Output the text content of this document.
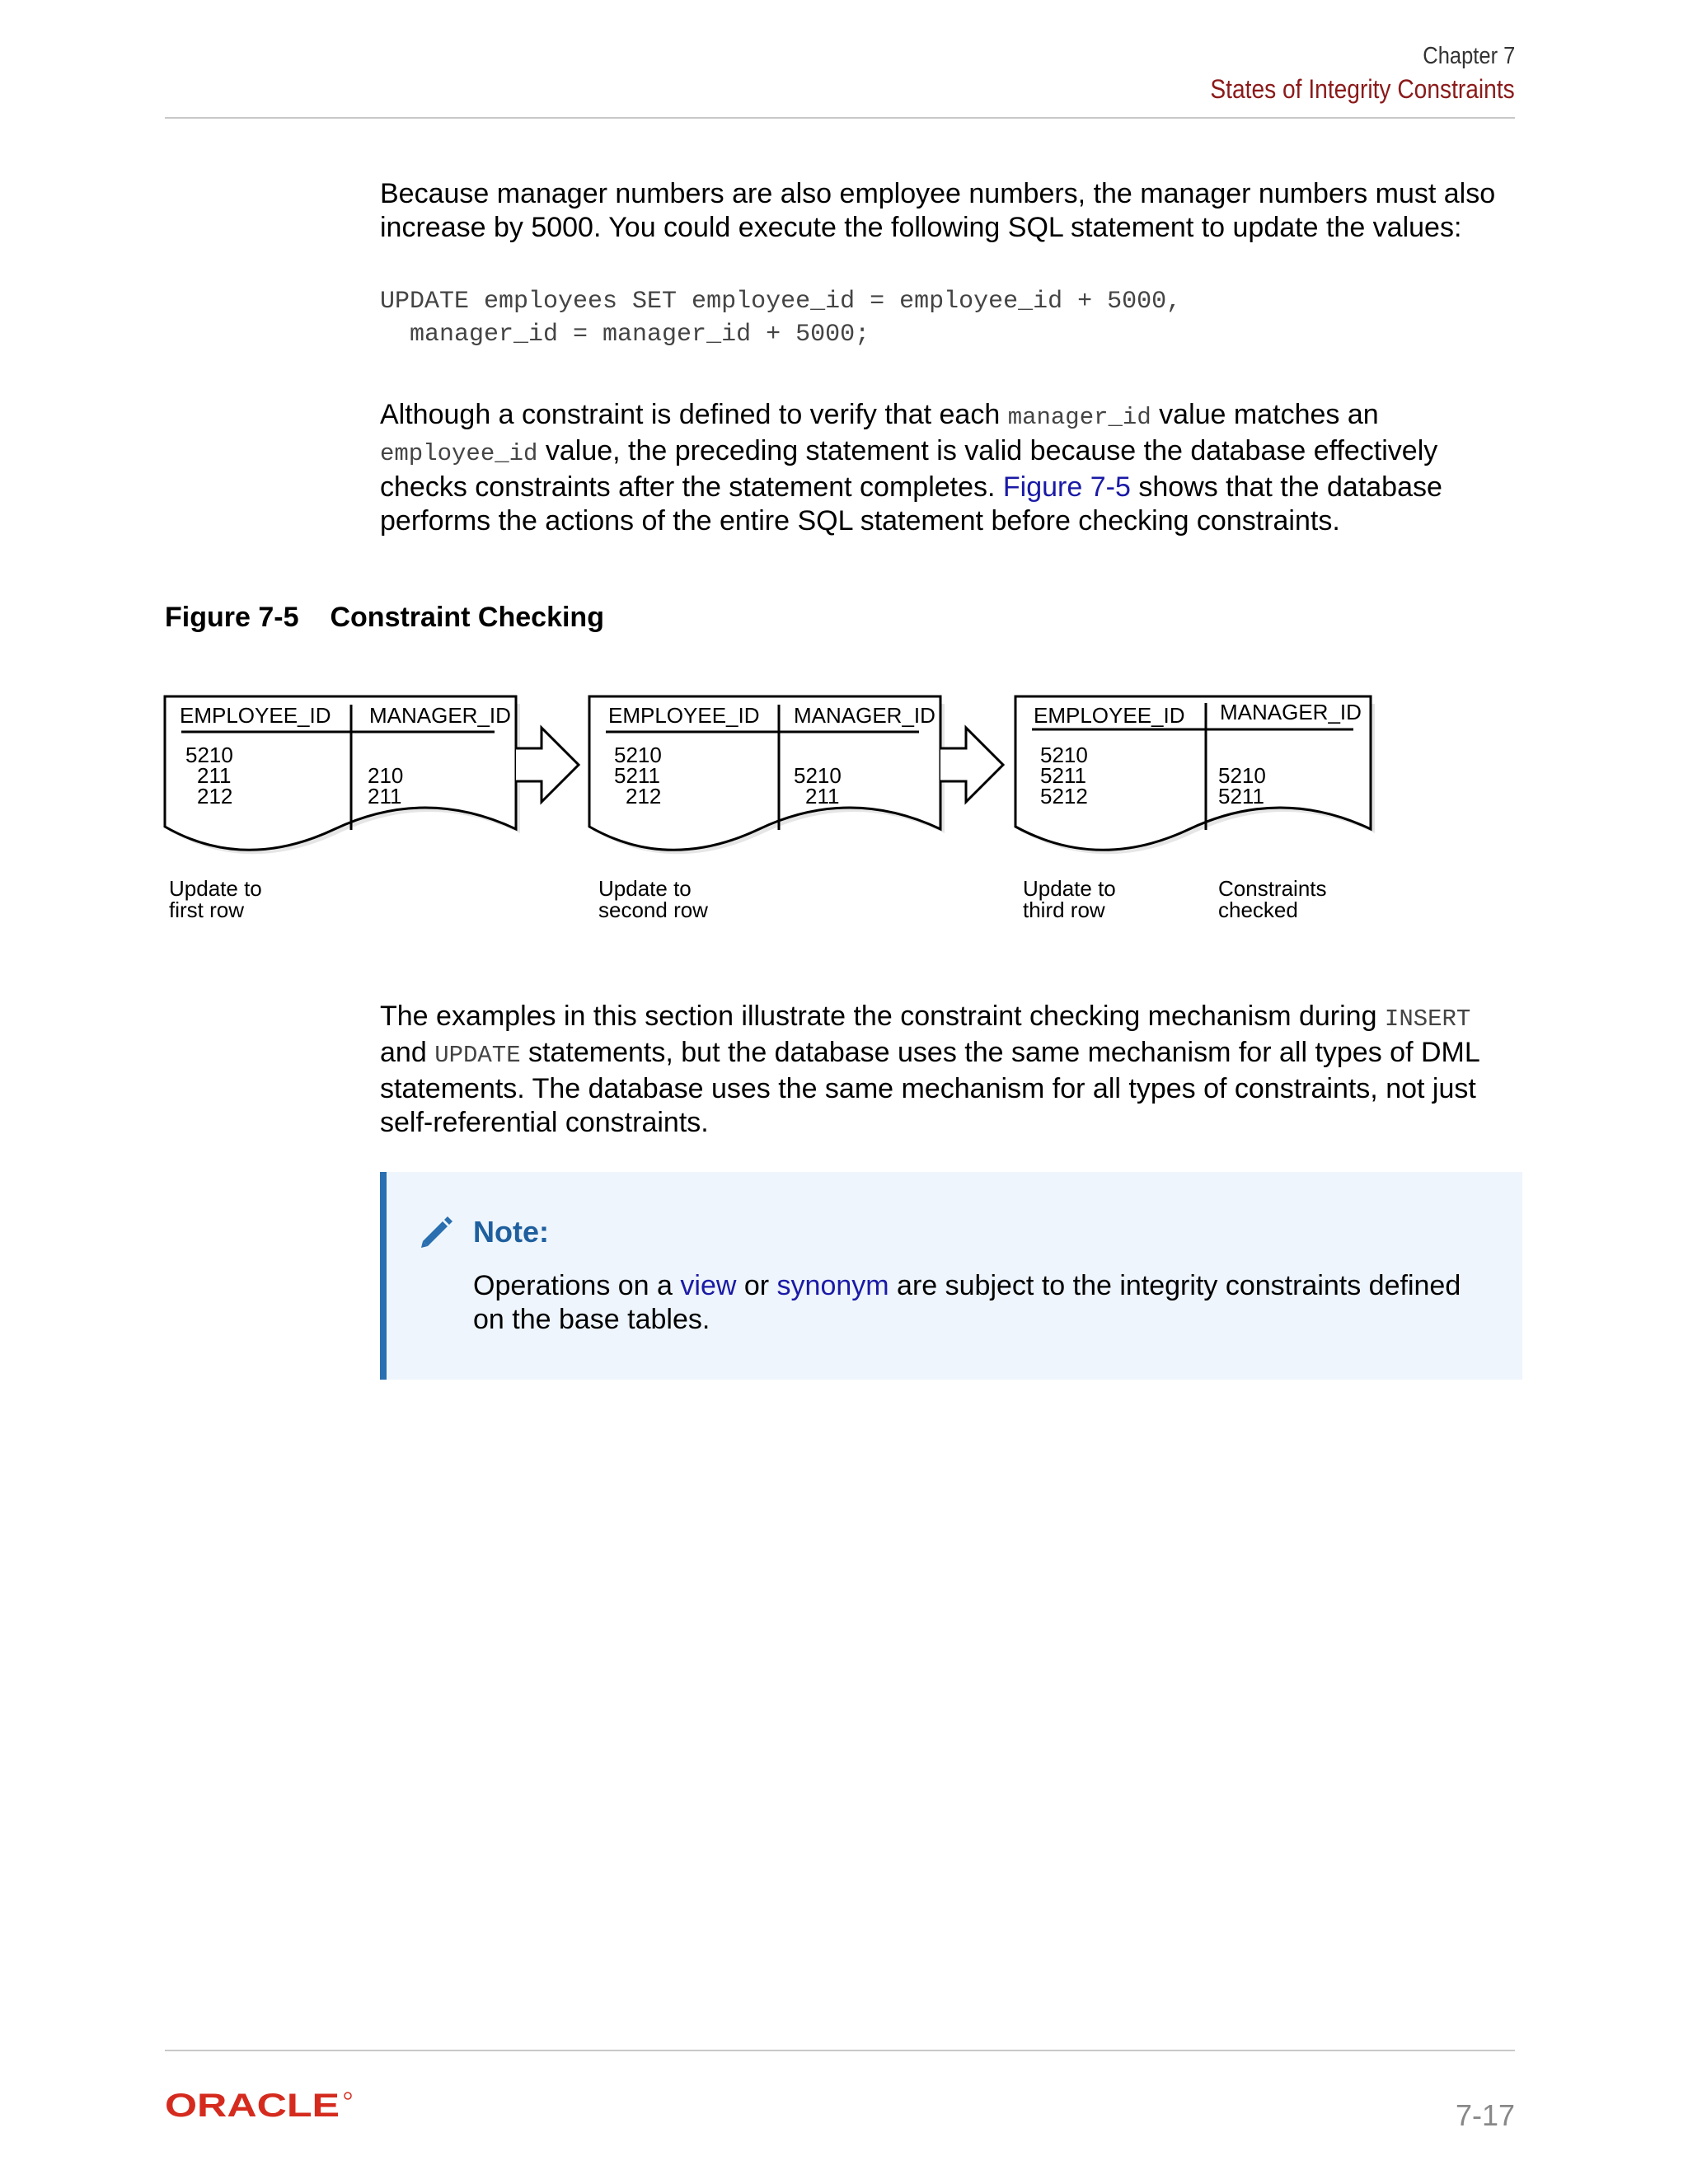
Chapter 7
States of Integrity Constraints

Because manager numbers are also employee numbers, the manager numbers must also increase by 5000. You could execute the following SQL statement to update the values:

UPDATE employees SET employee_id = employee_id + 5000,
manager_id = manager_id + 5000;

Although a constraint is defined to verify that each manager_id value matches an employee_id value, the preceding statement is valid because the database effectively checks constraints after the statement completes. Figure 7-5 shows that the database performs the actions of the entire SQL statement before checking constraints.

Figure 7-5 Constraint Checking

EMPLOYEE_ID MANAGER_ID
5210
211
212
210
211
EMPLOYEE_ID MANAGER_ID
5210
5211
212
5210
211
EMPLOYEE_ID MANAGER_ID
5210
5211
5212
5210
5211
Update to
first row
Update to
second row
Update to
third row
Constraints
checked

The examples in this section illustrate the constraint checking mechanism during INSERT and UPDATE statements, but the database uses the same mechanism for all types of DML statements. The database uses the same mechanism for all types of constraints, not just self-referential constraints.

Note:

Operations on a view or synonym are subject to the integrity constraints defined on the base tables.

ORACLE	7-17
